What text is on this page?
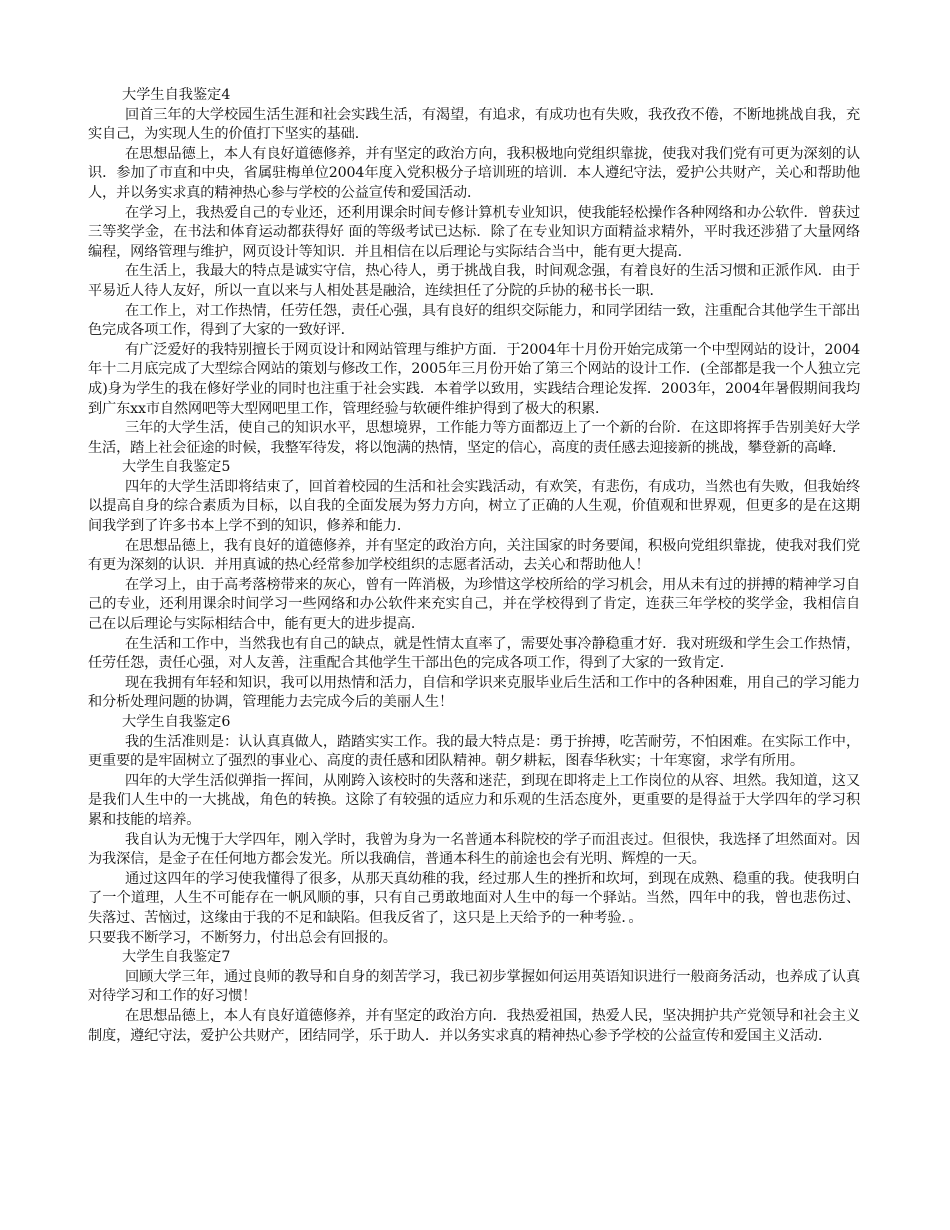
大学生自我鉴定4

回首三年的大学校园生活生涯和社会实践生活，有渴望，有追求，有成功也有失败，我孜孜不倦，不断地挑战自我，充实自己，为实现人生的价值打下坚实的基础．

在思想品德上，本人有良好道德修养，并有坚定的政治方向，我积极地向党组织靠拢，使我对我们党有可更为深刻的认识．参加了市直和中央，省属驻梅单位2004年度入党积极分子培训班的培训．本人遵纪守法，爱护公共财产，关心和帮助他人，并以务实求真的精神热心参与学校的公益宣传和爱国活动．

在学习上，我热爱自己的专业还，还利用课余时间专修计算机专业知识，使我能轻松操作各种网络和办公软件．曾获过三等奖学金，在书法和体育运动都获得好 面的等级考试已达标．除了在专业知识方面精益求精外，平时我还涉猎了大量网络编程，网络管理与维护，网页设计等知识．并且相信在以后理论与实际结合当中，能有更大提高．

在生活上，我最大的特点是诚实守信，热心待人，勇于挑战自我，时间观念强，有着良好的生活习惯和正派作风．由于平易近人待人友好，所以一直以来与人相处甚是融洽，连续担任了分院的乒协的秘书长一职．

在工作上，对工作热情，任劳任怨，责任心强，具有良好的组织交际能力，和同学团结一致，注重配合其他学生干部出色完成各项工作，得到了大家的一致好评．

有广泛爱好的我特别擅长于网页设计和网站管理与维护方面．于2004年十月份开始完成第一个中型网站的设计，2004年十二月底完成了大型综合网站的策划与修改工作，2005年三月份开始了第三个网站的设计工作．(全部都是我一个人独立完成)身为学生的我在修好学业的同时也注重于社会实践．本着学以致用，实践结合理论发挥．2003年，2004年暑假期间我均到广东xx市自然网吧等大型网吧里工作，管理经验与软硬件维护得到了极大的积累．

三年的大学生活，使自己的知识水平，思想境界，工作能力等方面都迈上了一个新的台阶．在这即将挥手告别美好大学生活，踏上社会征途的时候，我整军待发，将以饱满的热情，坚定的信心，高度的责任感去迎接新的挑战，攀登新的高峰．

大学生自我鉴定5

四年的大学生活即将结束了，回首着校园的生活和社会实践活动，有欢笑，有悲伤，有成功，当然也有失败，但我始终以提高自身的综合素质为目标，以自我的全面发展为努力方向，树立了正确的人生观，价值观和世界观，但更多的是在这期间我学到了许多书本上学不到的知识，修养和能力．

在思想品德上，我有良好的道德修养，并有坚定的政治方向，关注国家的时务要闻，积极向党组织靠拢，使我对我们党有更为深刻的认识．并用真诚的热心经常参加学校组织的志愿者活动，去关心和帮助他人！

在学习上，由于高考落榜带来的灰心，曾有一阵消极，为珍惜这学校所给的学习机会，用从未有过的拼搏的精神学习自己的专业，还利用课余时间学习一些网络和办公软件来充实自己，并在学校得到了肯定，连获三年学校的奖学金，我相信自己在以后理论与实际相结合中，能有更大的进步提高．

在生活和工作中，当然我也有自己的缺点，就是性情太直率了，需要处事冷静稳重才好．我对班级和学生会工作热情，任劳任怨，责任心强，对人友善，注重配合其他学生干部出色的完成各项工作，得到了大家的一致肯定．

现在我拥有年轻和知识，我可以用热情和活力，自信和学识来克服毕业后生活和工作中的各种困难，用自己的学习能力和分析处理问题的协调，管理能力去完成今后的美丽人生！

大学生自我鉴定6

我的生活准则是：认认真真做人，踏踏实实工作。我的最大特点是：勇于拚搏，吃苦耐劳，不怕困难。在实际工作中，更重要的是牢固树立了强烈的事业心、高度的责任感和团队精神。朝夕耕耘，图春华秋实；十年寒窗，求学有所用。

四年的大学生活似弹指一挥间，从刚跨入该校时的失落和迷茫，到现在即将走上工作岗位的从容、坦然。我知道，这又是我们人生中的一大挑战，角色的转换。这除了有较强的适应力和乐观的生活态度外，更重要的是得益于大学四年的学习积累和技能的培养。

我自认为无愧于大学四年，刚入学时，我曾为身为一名普通本科院校的学子而沮丧过。但很快，我选择了坦然面对。因为我深信，是金子在任何地方都会发光。所以我确信，普通本科生的前途也会有光明、辉煌的一天。

通过这四年的学习使我懂得了很多，从那天真幼稚的我，经过那人生的挫折和坎坷，到现在成熟、稳重的我。使我明白了一个道理，人生不可能存在一帆风顺的事，只有自己勇敢地面对人生中的每一个驿站。当然，四年中的我，曾也悲伤过、失落过、苦恼过，这缘由于我的不足和缺陷。但我反省了，这只是上天给予的一种考验．。

只要我不断学习，不断努力，付出总会有回报的。

大学生自我鉴定7

回顾大学三年，通过良师的教导和自身的刻苦学习，我已初步掌握如何运用英语知识进行一般商务活动，也养成了认真对待学习和工作的好习惯！

在思想品德上，本人有良好道德修养，并有坚定的政治方向．我热爱祖国，热爱人民，坚决拥护共产党领导和社会主义制度，遵纪守法，爱护公共财产，团结同学，乐于助人．并以务实求真的精神热心参予学校的公益宣传和爱国主义活动．
